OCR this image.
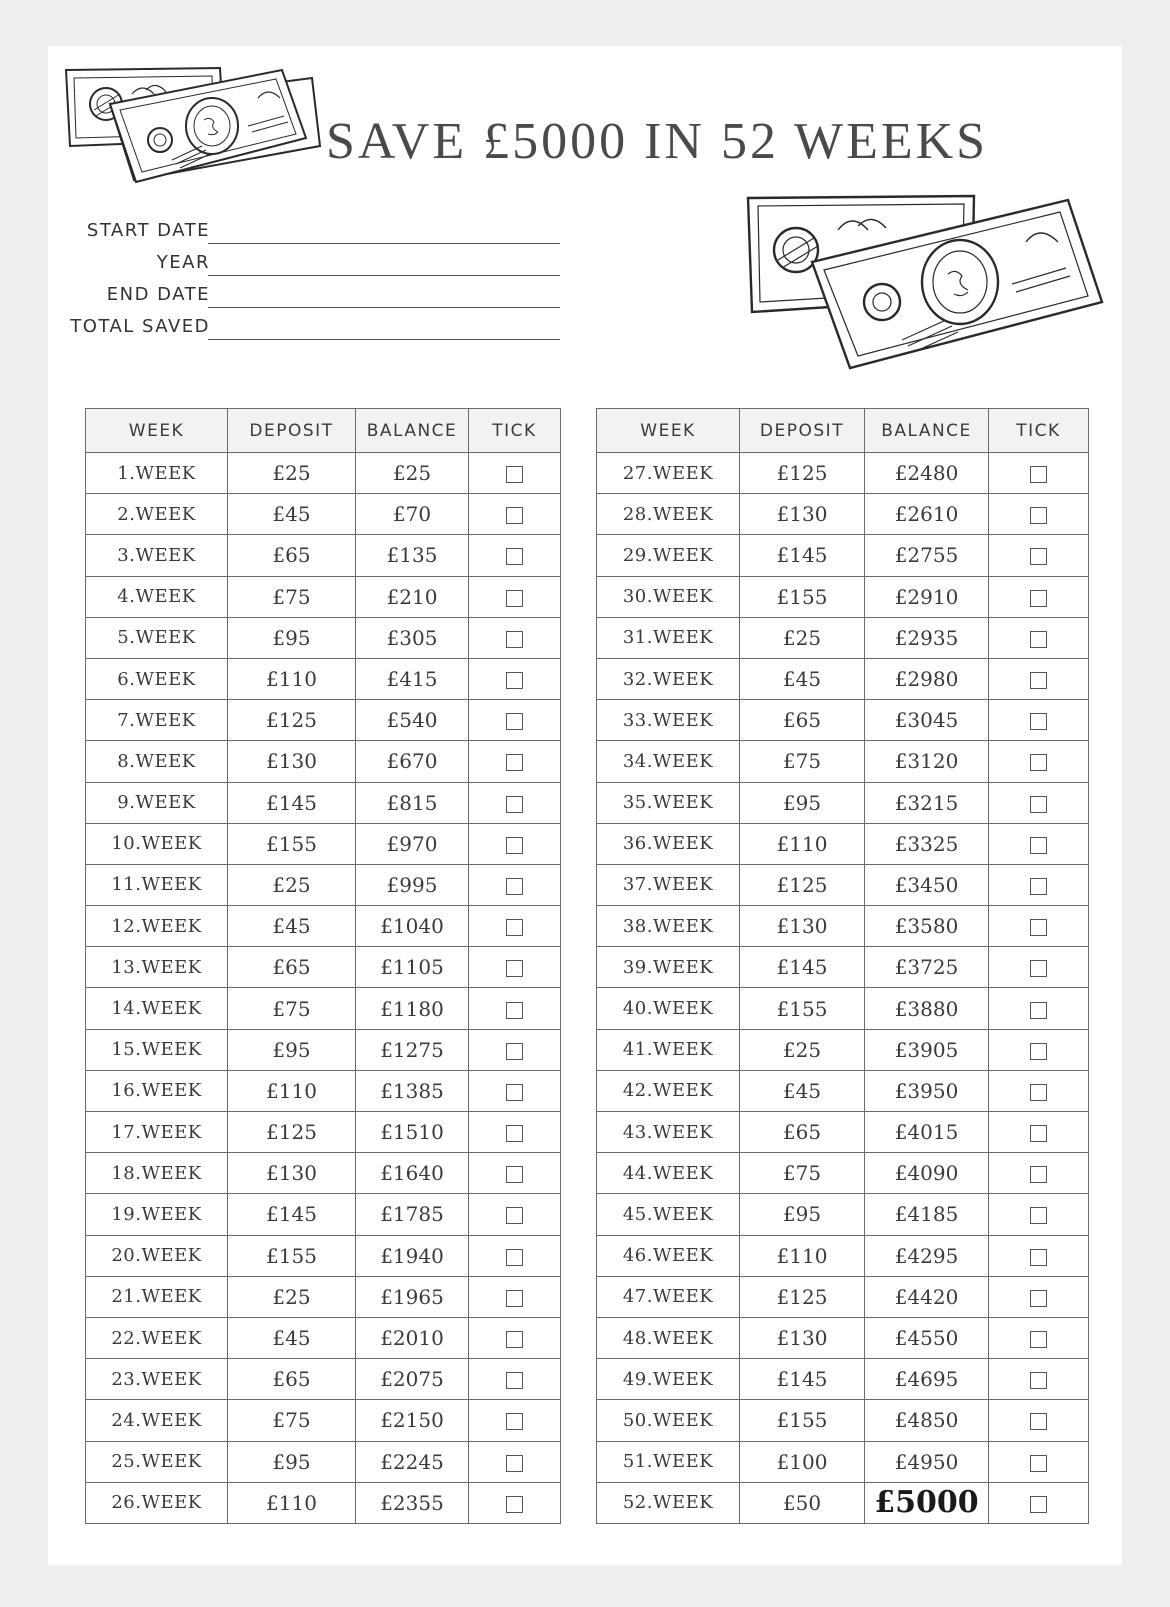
SAVE £5000 IN 52 WEEKS
START DATE
YEAR
END DATE
TOTAL SAVED
WEEK	DEPOSIT	BALANCE	TICK
1.WEEK	£25	£25	
2.WEEK	£45	£70	
3.WEEK	£65	£135	
4.WEEK	£75	£210	
5.WEEK	£95	£305	
6.WEEK	£110	£415	
7.WEEK	£125	£540	
8.WEEK	£130	£670	
9.WEEK	£145	£815	
10.WEEK	£155	£970	
11.WEEK	£25	£995	
12.WEEK	£45	£1040	
13.WEEK	£65	£1105	
14.WEEK	£75	£1180	
15.WEEK	£95	£1275	
16.WEEK	£110	£1385	
17.WEEK	£125	£1510	
18.WEEK	£130	£1640	
19.WEEK	£145	£1785	
20.WEEK	£155	£1940	
21.WEEK	£25	£1965	
22.WEEK	£45	£2010	
23.WEEK	£65	£2075	
24.WEEK	£75	£2150	
25.WEEK	£95	£2245	
26.WEEK	£110	£2355	
WEEK	DEPOSIT	BALANCE	TICK
27.WEEK	£125	£2480	
28.WEEK	£130	£2610	
29.WEEK	£145	£2755	
30.WEEK	£155	£2910	
31.WEEK	£25	£2935	
32.WEEK	£45	£2980	
33.WEEK	£65	£3045	
34.WEEK	£75	£3120	
35.WEEK	£95	£3215	
36.WEEK	£110	£3325	
37.WEEK	£125	£3450	
38.WEEK	£130	£3580	
39.WEEK	£145	£3725	
40.WEEK	£155	£3880	
41.WEEK	£25	£3905	
42.WEEK	£45	£3950	
43.WEEK	£65	£4015	
44.WEEK	£75	£4090	
45.WEEK	£95	£4185	
46.WEEK	£110	£4295	
47.WEEK	£125	£4420	
48.WEEK	£130	£4550	
49.WEEK	£145	£4695	
50.WEEK	£155	£4850	
51.WEEK	£100	£4950	
52.WEEK	£50	£5000	
